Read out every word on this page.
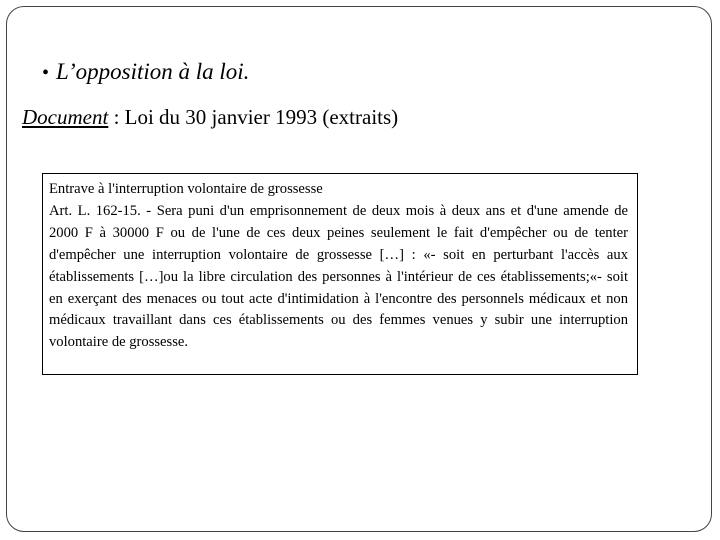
• L’opposition à la loi.
Document : Loi du 30 janvier 1993 (extraits)

Entrave à l'interruption volontaire de grossesse

Art. L. 162-15. - Sera puni d'un emprisonnement de deux mois à deux ans et d'une amende de 2000 F à 30000 F ou de l'une de ces deux peines seulement le fait d'empêcher ou de tenter d'empêcher une interruption volontaire de grossesse […] : «- soit en perturbant l'accès aux établissements […]ou la libre circulation des personnes à l'intérieur de ces établissements;«- soit en exerçant des menaces ou tout acte d'intimidation à l'encontre des personnels médicaux et non médicaux travaillant dans ces établissements ou des femmes venues y subir une interruption volontaire de grossesse.
